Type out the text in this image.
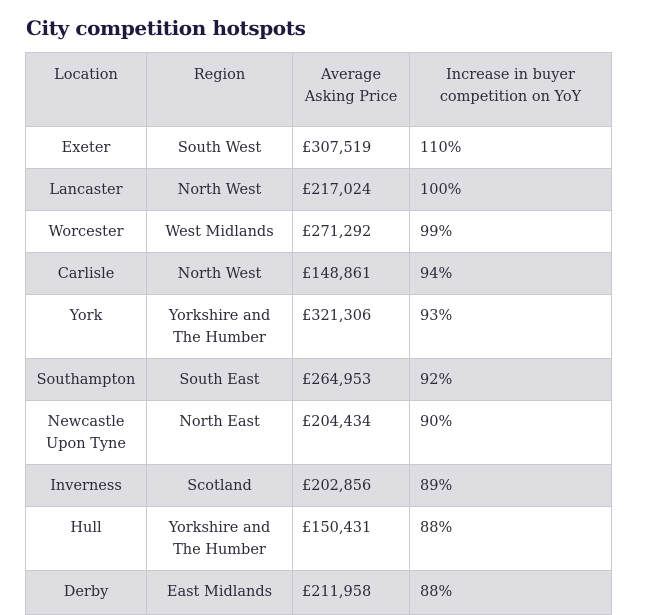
City competition hotspots
Location	Region	Average Asking Price	Increase in buyer competition on YoY
Exeter	South West	£307,519	110%
Lancaster	North West	£217,024	100%
Worcester	West Midlands	£271,292	99%
Carlisle	North West	£148,861	94%
York	Yorkshire and The Humber	£321,306	93%
Southampton	South East	£264,953	92%
Newcastle Upon Tyne	North East	£204,434	90%
Inverness	Scotland	£202,856	89%
Hull	Yorkshire and The Humber	£150,431	88%
Derby	East Midlands	£211,958	88%
